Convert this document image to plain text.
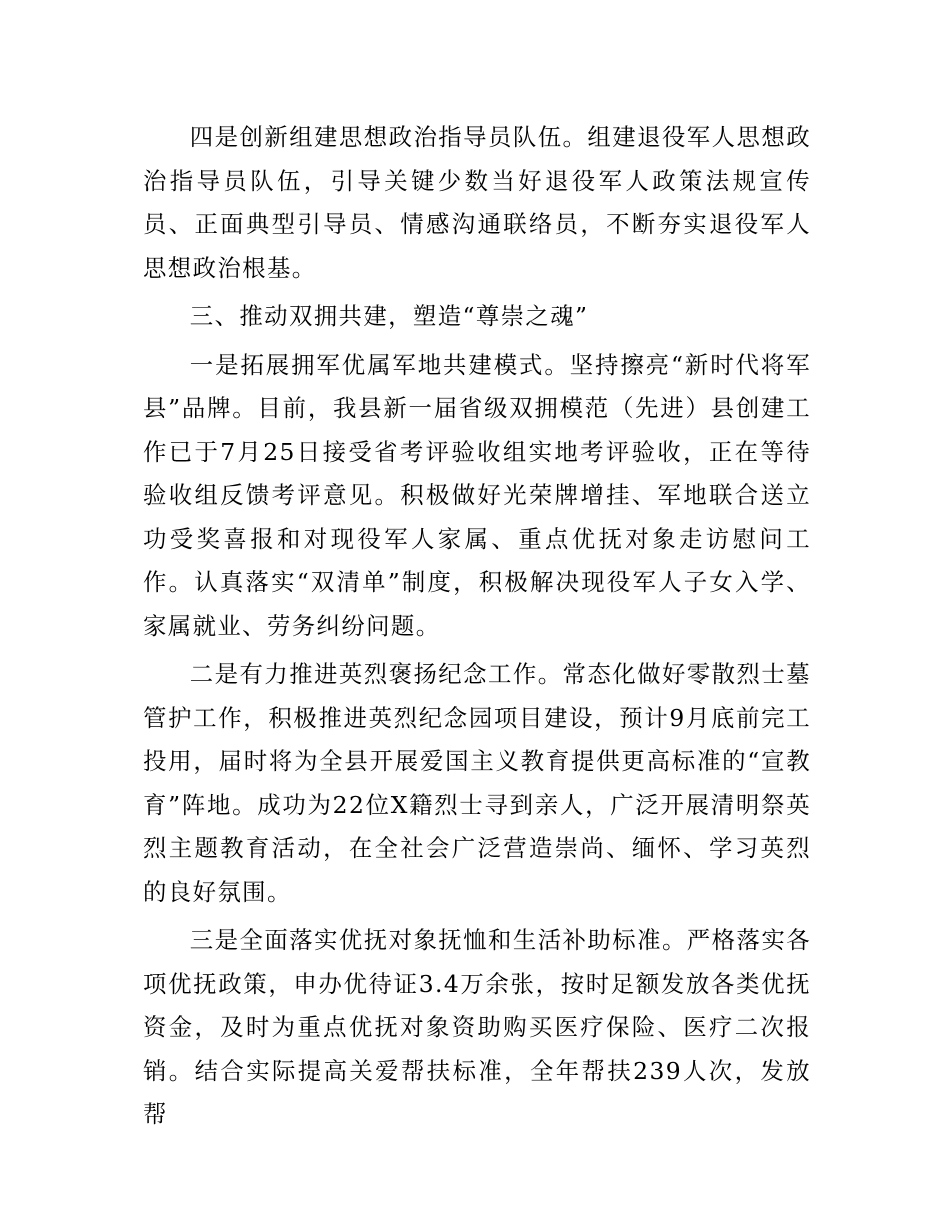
四是创新组建思想政治指导员队伍。组建退役军人思想政治指导员队伍，引导关键少数当好退役军人政策法规宣传员、正面典型引导员、情感沟通联络员，不断夯实退役军人思想政治根基。

三、推动双拥共建，塑造“尊崇之魂”

一是拓展拥军优属军地共建模式。坚持擦亮“新时代将军县”品牌。目前，我县新一届省级双拥模范（先进）县创建工作已于7月25日接受省考评验收组实地考评验收，正在等待验收组反馈考评意见。积极做好光荣牌增挂、军地联合送立功受奖喜报和对现役军人家属、重点优抚对象走访慰问工作。认真落实“双清单”制度，积极解决现役军人子女入学、家属就业、劳务纠纷问题。

二是有力推进英烈褒扬纪念工作。常态化做好零散烈士墓管护工作，积极推进英烈纪念园项目建设，预计9月底前完工投用，届时将为全县开展爱国主义教育提供更高标准的“宣教育”阵地。成功为22位X籍烈士寻到亲人，广泛开展清明祭英烈主题教育活动，在全社会广泛营造崇尚、缅怀、学习英烈的良好氛围。

三是全面落实优抚对象抚恤和生活补助标准。严格落实各项优抚政策，申办优待证3.4万余张，按时足额发放各类优抚资金，及时为重点优抚对象资助购买医疗保险、医疗二次报销。结合实际提高关爱帮扶标准，全年帮扶239人次，发放帮
